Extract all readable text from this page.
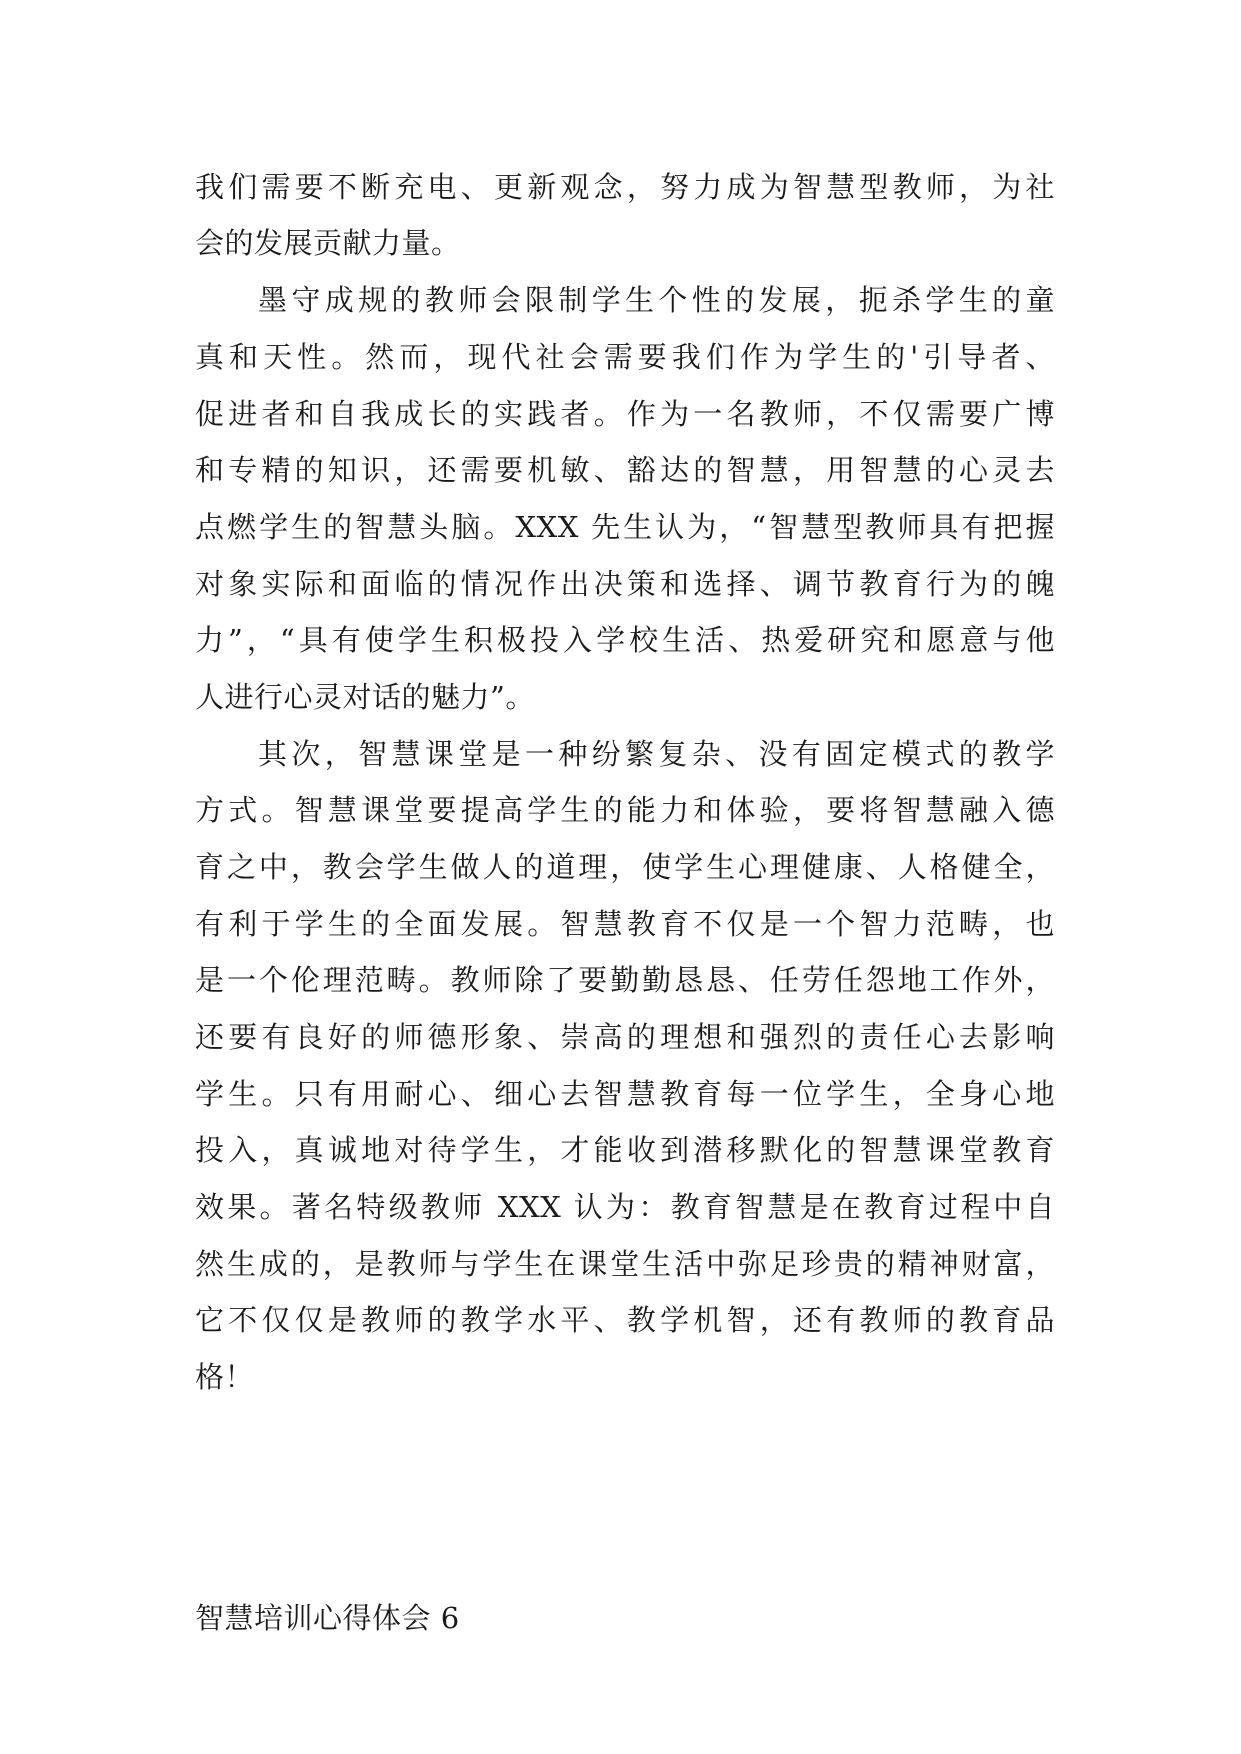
我们需要不断充电、更新观念，努力成为智慧型教师，为社
会的发展贡献力量。
墨守成规的教师会限制学生个性的发展，扼杀学生的童
真和天性。然而，现代社会需要我们作为学生的'引导者、
促进者和自我成长的实践者。作为一名教师，不仅需要广博
和专精的知识，还需要机敏、豁达的智慧，用智慧的心灵去
点燃学生的智慧头脑。XXX 先生认为，“智慧型教师具有把握
对象实际和面临的情况作出决策和选择、调节教育行为的魄
力”，“具有使学生积极投入学校生活、热爱研究和愿意与他
人进行心灵对话的魅力”。
其次，智慧课堂是一种纷繁复杂、没有固定模式的教学
方式。智慧课堂要提高学生的能力和体验，要将智慧融入德
育之中，教会学生做人的道理，使学生心理健康、人格健全，
有利于学生的全面发展。智慧教育不仅是一个智力范畴，也
是一个伦理范畴。教师除了要勤勤恳恳、任劳任怨地工作外，
还要有良好的师德形象、崇高的理想和强烈的责任心去影响
学生。只有用耐心、细心去智慧教育每一位学生，全身心地
投入，真诚地对待学生，才能收到潜移默化的智慧课堂教育
效果。著名特级教师 XXX 认为：教育智慧是在教育过程中自
然生成的，是教师与学生在课堂生活中弥足珍贵的精神财富，
它不仅仅是教师的教学水平、教学机智，还有教师的教育品
格！
智慧培训心得体会 6
